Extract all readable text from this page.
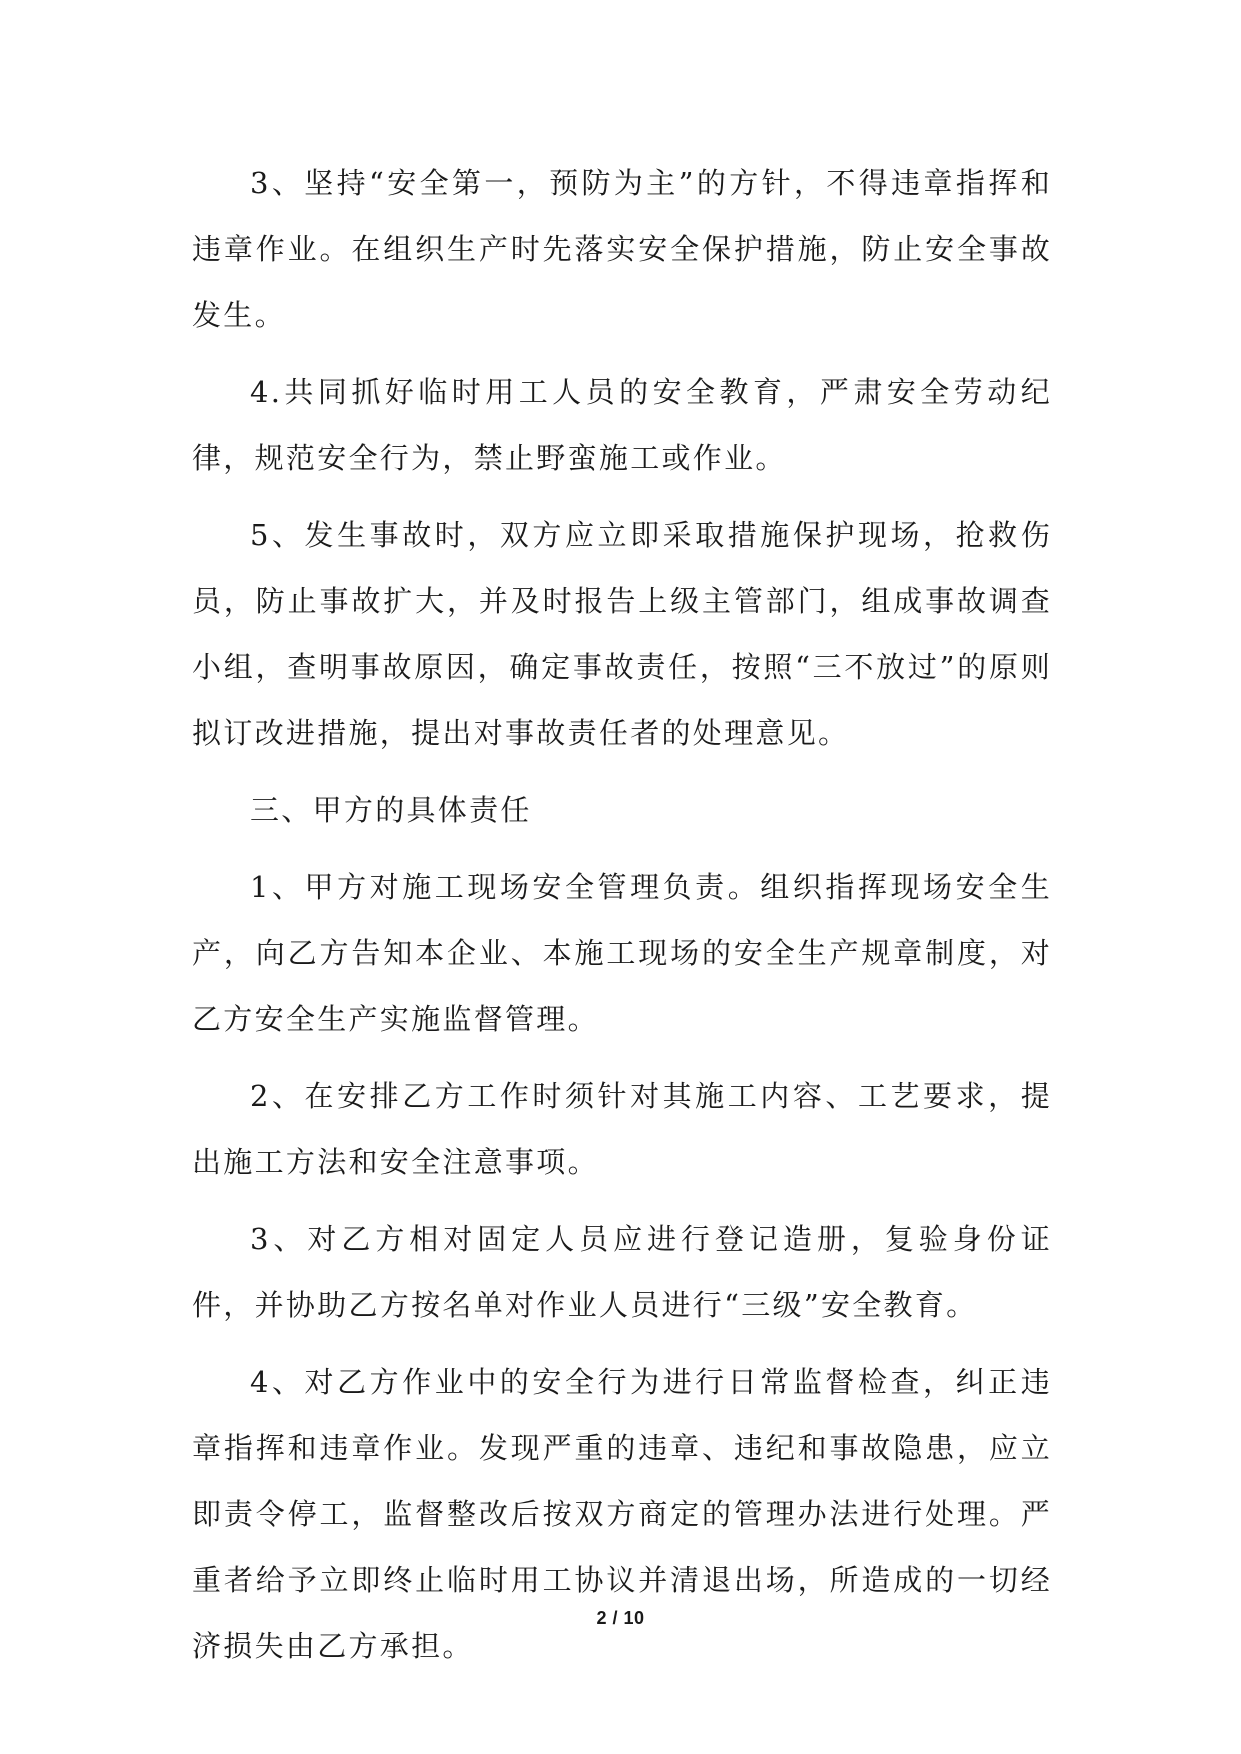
3、坚持“安全第一，预防为主”的方针，不得违章指挥和违章作业。在组织生产时先落实安全保护措施，防止安全事故发生。

4.共同抓好临时用工人员的安全教育，严肃安全劳动纪律，规范安全行为，禁止野蛮施工或作业。

5、发生事故时，双方应立即采取措施保护现场，抢救伤员，防止事故扩大，并及时报告上级主管部门，组成事故调查小组，查明事故原因，确定事故责任，按照“三不放过”的原则拟订改进措施，提出对事故责任者的处理意见。

三、甲方的具体责任

1、甲方对施工现场安全管理负责。组织指挥现场安全生产，向乙方告知本企业、本施工现场的安全生产规章制度，对乙方安全生产实施监督管理。

2、在安排乙方工作时须针对其施工内容、工艺要求，提出施工方法和安全注意事项。

3、对乙方相对固定人员应进行登记造册，复验身份证件，并协助乙方按名单对作业人员进行“三级”安全教育。

4、对乙方作业中的安全行为进行日常监督检查，纠正违章指挥和违章作业。发现严重的违章、违纪和事故隐患，应立即责令停工，监督整改后按双方商定的管理办法进行处理。严重者给予立即终止临时用工协议并清退出场，所造成的一切经济损失由乙方承担。

2 / 10
